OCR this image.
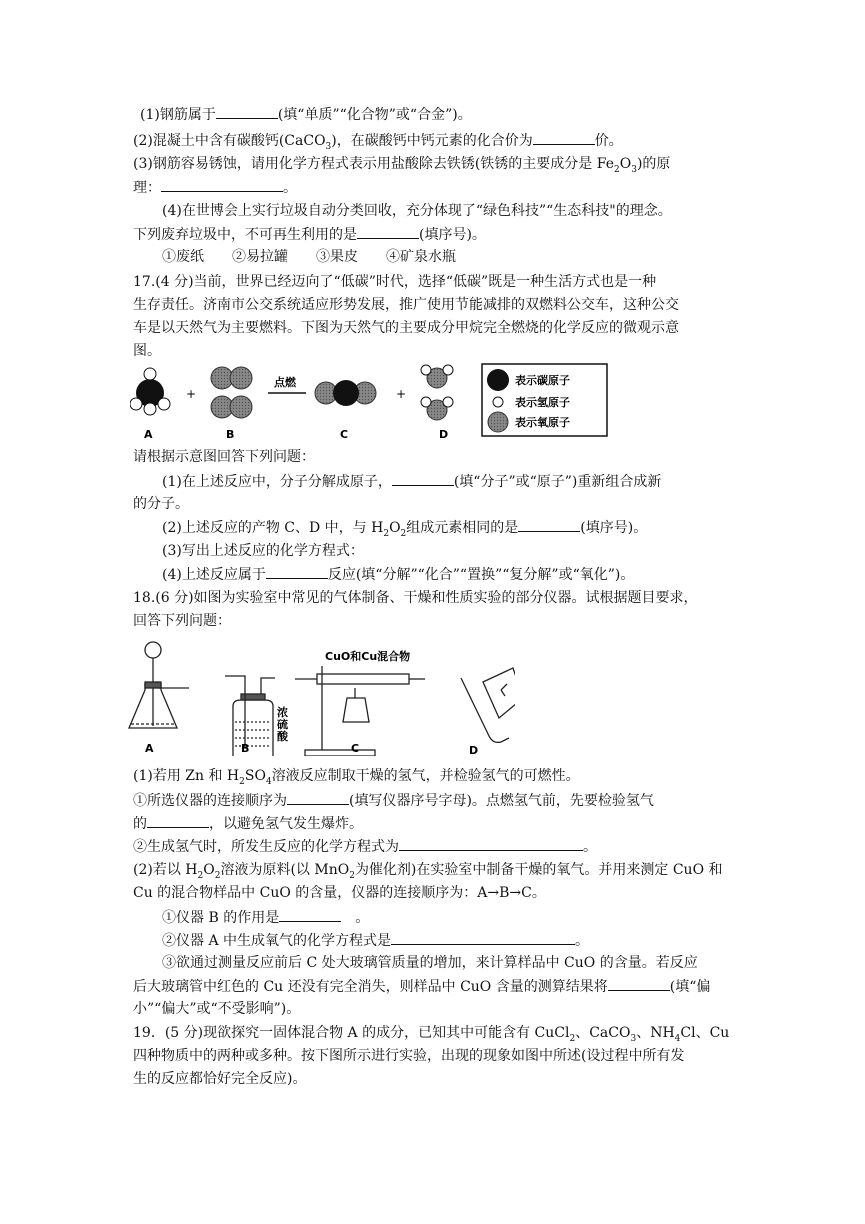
(1)钢筋属于	(填“单质”“化合物”或“合金”)。
(2)混凝土中含有碳酸钙(CaCO$_3$)，在碳酸钙中钙元素的化合价为	价。
(3)钢筋容易锈蚀，请用化学方程式表示用盐酸除去铁锈(铁锈的主要成分是 $Fe_2O_3$)的原
理：	。
(4)在世博会上实行垃圾自动分类回收，充分体现了“绿色科技”“生态科技"的理念。
下列废弃垃圾中，不可再生利用的是	(填序号)。
①废纸　　②易拉罐　　③果皮　　④矿泉水瓶
17.(4 分)当前，世界已经迈向了“低碳”时代，选择“低碳”既是一种生活方式也是一种
生存责任。济南市公交系统适应形势发展，推广使用节能减排的双燃料公交车，这种公交
车是以天然气为主要燃料。下图为天然气的主要成分甲烷完全燃烧的化学反应的微观示意
图。
+
点燃
+
表示碳原子
表示氢原子
表示氧原子
A	B	C	D
请根据示意图回答下列问题：
(1)在上述反应中，分子分解成原子，	(填“分子”或“原子”)重新组合成新
的分子。
(2)上述反应的产物 C、D 中，与 $H_2O_2$组成元素相同的是	(填序号)。
(3)写出上述反应的化学方程式：
(4)上述反应属于	反应(填“分解”“化合”“置换”“复分解”或“氧化”)。
18.(6 分)如图为实验室中常见的气体制备、干燥和性质实验的部分仪器。试根据题目要求，
回答下列问题：
CuO和Cu混合物
浓
硫
酸
A	B	C	D
(1)若用 Zn 和 $H_2SO_4$溶液反应制取干燥的氢气，并检验氢气的可燃性。
①所选仪器的连接顺序为	(填写仪器序号字母)。点燃氢气前，先要检验氢气
的	，以避免氢气发生爆炸。
②生成氢气时，所发生反应的化学方程式为	。
(2)若以 $H_2O_2$溶液为原料(以 MnO$_2$为催化剂)在实验室中制备干燥的氧气。并用来测定 CuO 和
Cu 的混合物样品中 CuO 的含量，仪器的连接顺序为：A→B→C。
①仪器 B 的作用是	　。
②仪器 A 中生成氧气的化学方程式是	。
③欲通过测量反应前后 C 处大玻璃管质量的增加，来计算样品中 CuO 的含量。若反应
后大玻璃管中红色的 Cu 还没有完全消失，则样品中 CuO 含量的测算结果将	(填“偏
小”“偏大”或“不受影响”)。
19．(5 分)现欲探究一固体混合物 A 的成分，已知其中可能含有 CuCl$_2$、CaCO$_3$、$NH_4Cl$、Cu
四种物质中的两种或多种。按下图所示进行实验，出现的现象如图中所述(设过程中所有发
生的反应都恰好完全反应)。
